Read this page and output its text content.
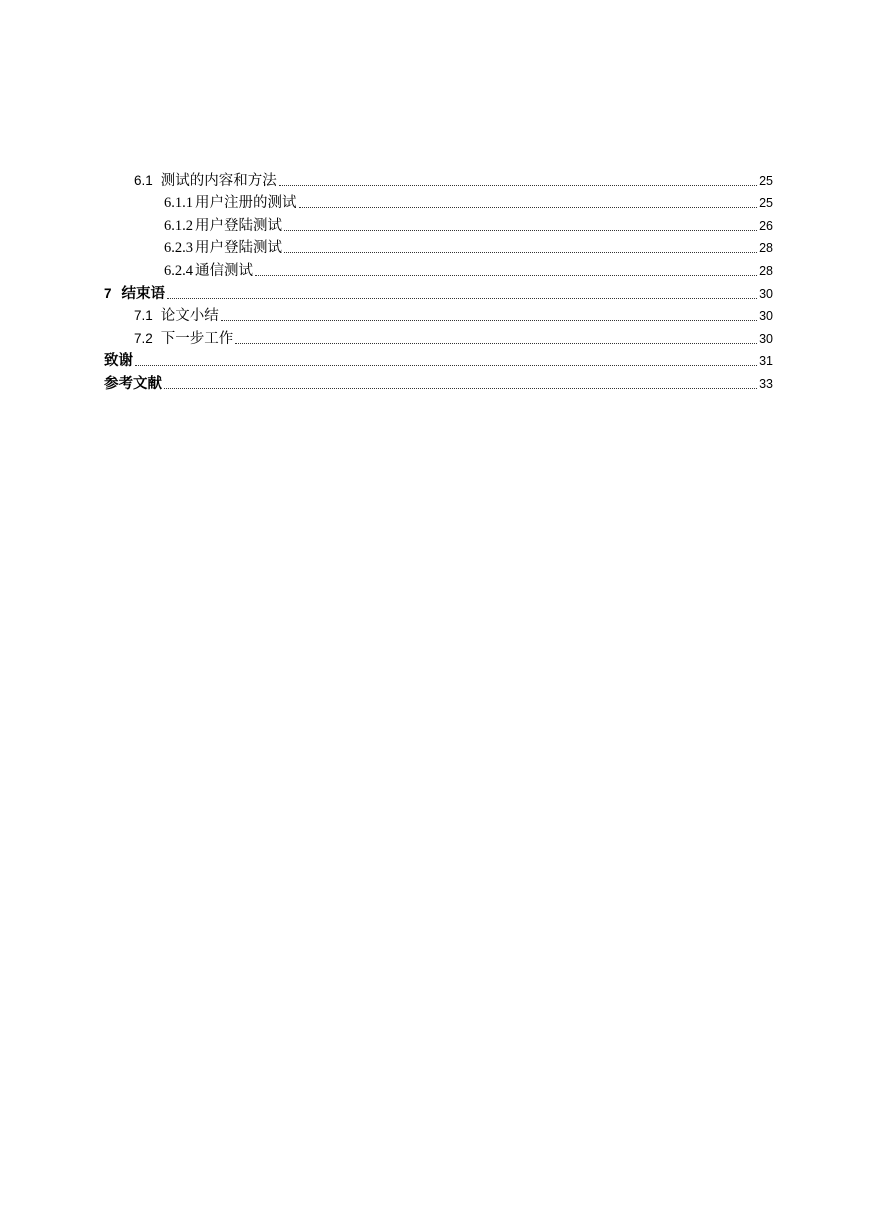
6.1 测试的内容和方法	25
6.1.1 用户注册的测试	25
6.1.2 用户登陆测试	26
6.2.3 用户登陆测试	28
6.2.4 通信测试	28
7 结束语	30
7.1 论文小结	30
7.2 下一步工作	30
致谢	31
参考文献	33
